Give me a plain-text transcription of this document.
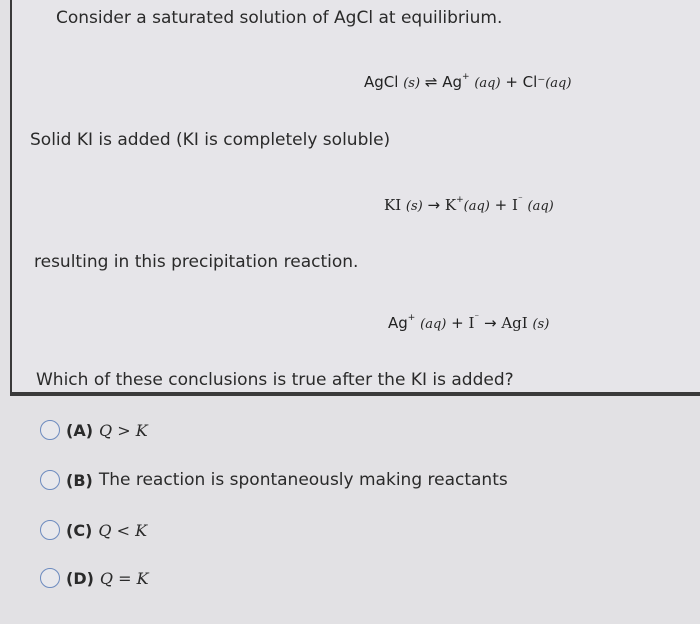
Consider a saturated solution of AgCl at equilibrium.
AgCl (s) ⇌ Ag+ (aq) + Cl⁻(aq)
Solid KI is added (KI is completely soluble)
KI (s) → K+(aq) + I⁻ (aq)
resulting in this precipitation reaction.
Ag+ (aq) + I⁻ → AgI (s)
Which of these conclusions is true after the KI is added?
(A) Q > K
(B) The reaction is spontaneously making reactants
(C) Q < K
(D) Q = K
